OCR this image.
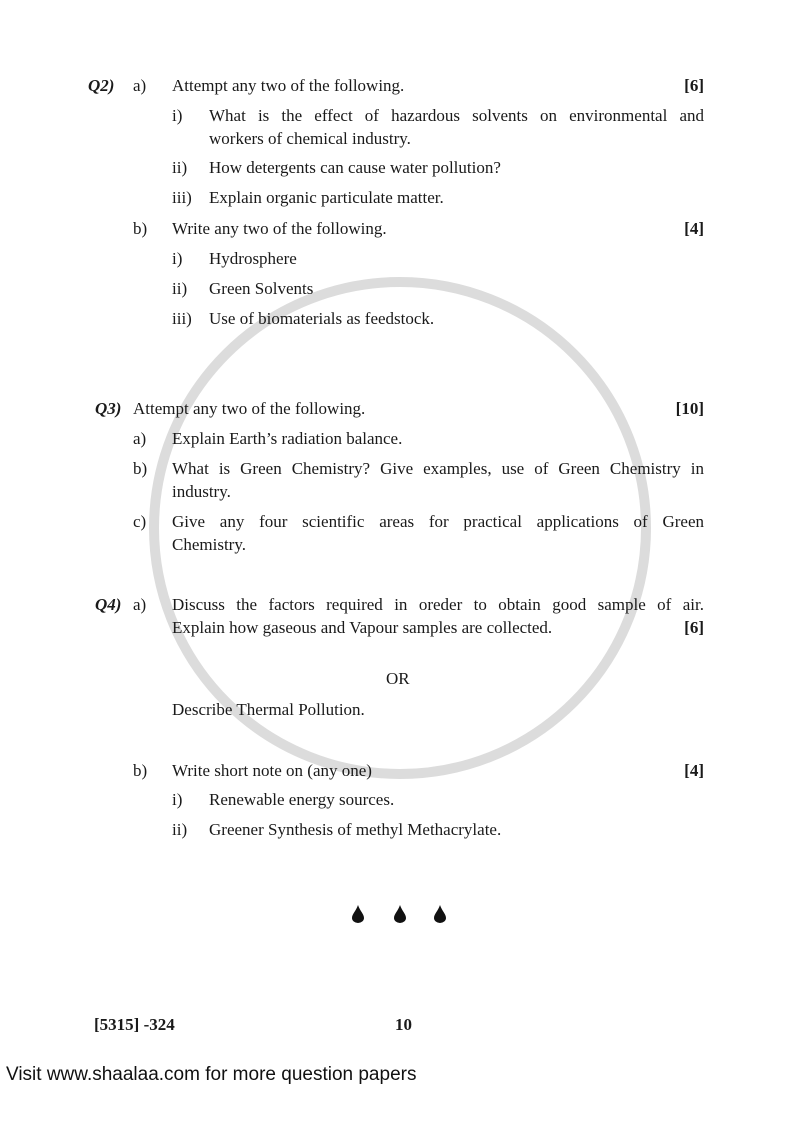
Q2) a) Attempt any two of the following.	[6]
i) What is the effect of hazardous solvents on environmental and
workers of chemical industry.
ii) How detergents can cause water pollution?
iii) Explain organic particulate matter.
b) Write any two of the following.	[4]
i) Hydrosphere
ii) Green Solvents
iii) Use of biomaterials as feedstock.
Q3) Attempt any two of the following.	[10]
a) Explain Earth’s radiation balance.
b) What is Green Chemistry? Give examples, use of Green Chemistry in
industry.
c) Give any four scientific areas for practical applications of Green
Chemistry.
Q4) a) Discuss the factors required in oreder to obtain good sample of air.
Explain how gaseous and Vapour samples are collected.	[6]
OR
Describe Thermal Pollution.
b) Write short note on (any one)	[4]
i) Renewable energy sources.
ii) Greener Synthesis of methyl Methacrylate.
[5315] -324	10
Visit www.shaalaa.com for more question papers
